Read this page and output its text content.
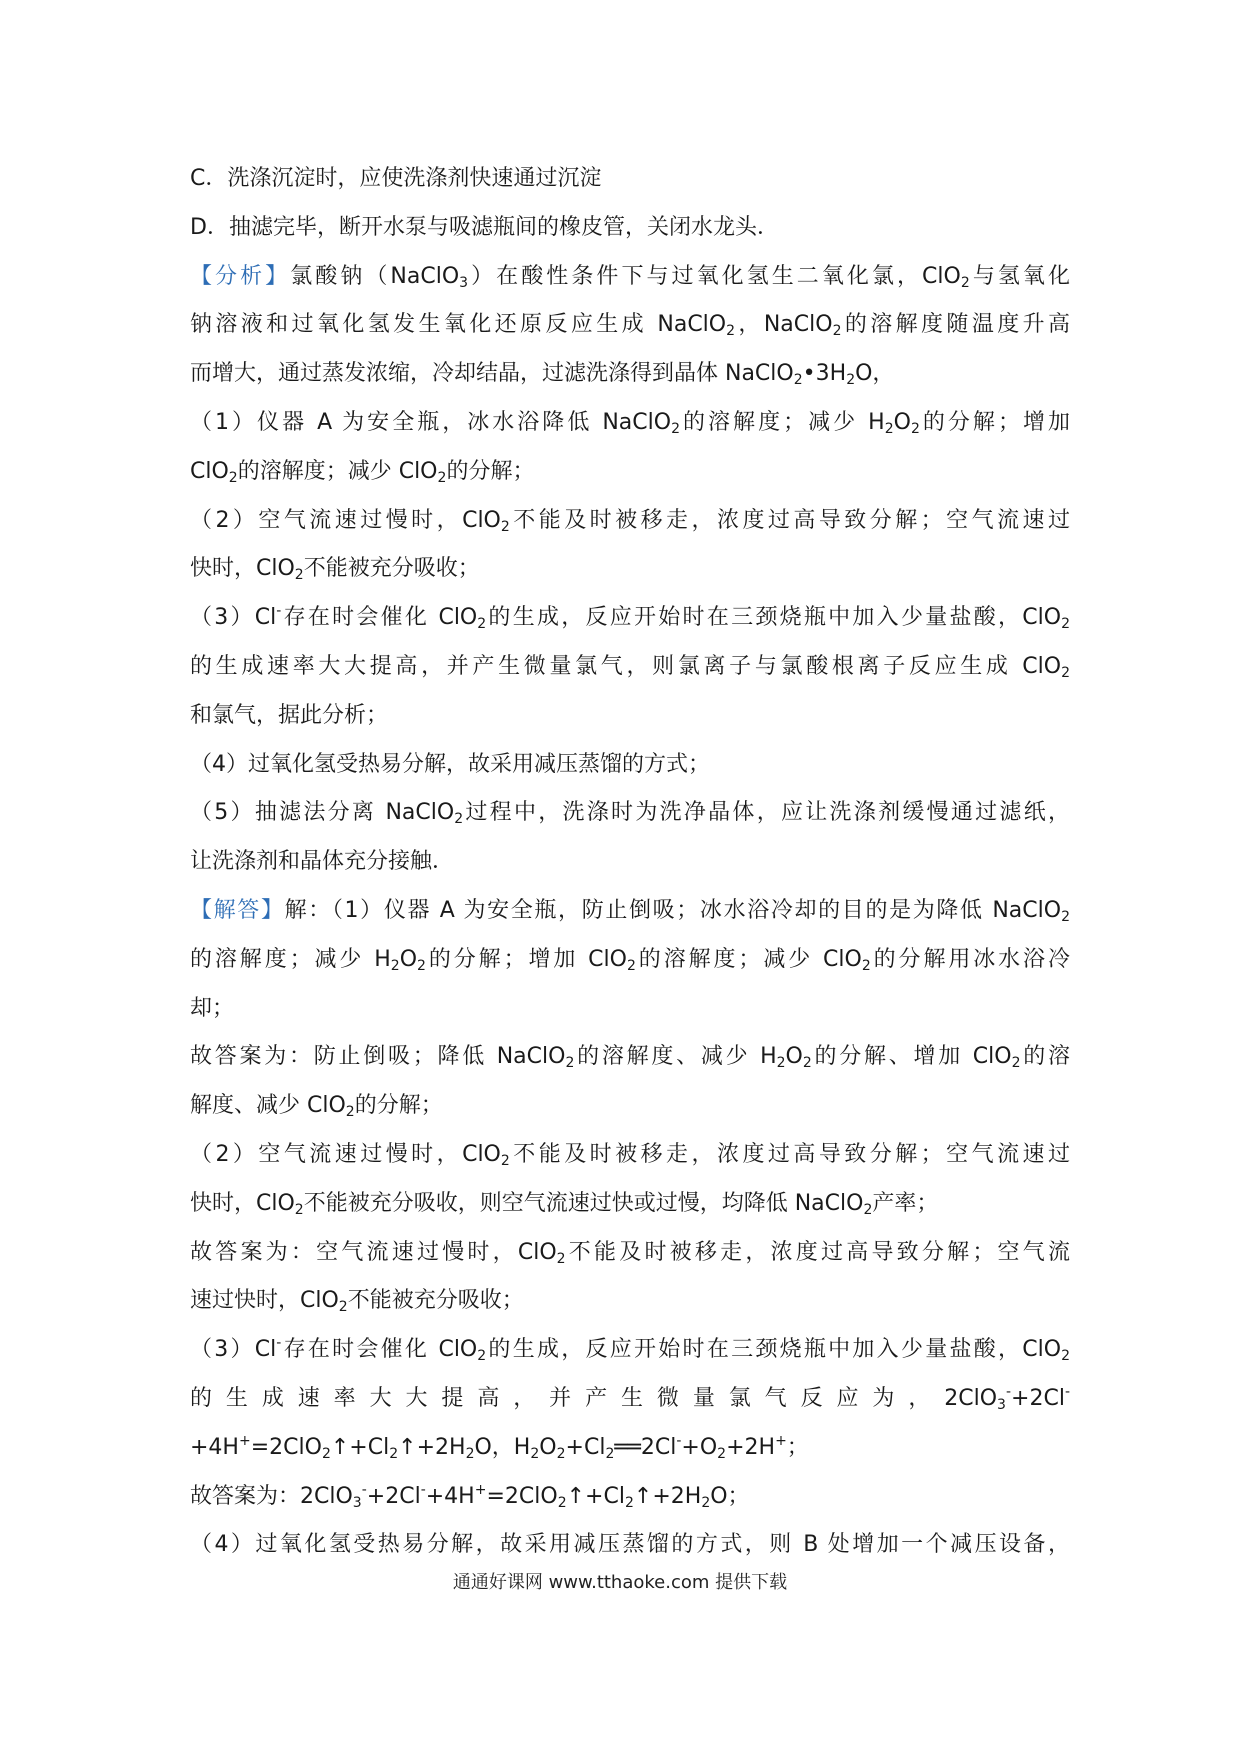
C．洗涤沉淀时，应使洗涤剂快速通过沉淀
D．抽滤完毕，断开水泵与吸滤瓶间的橡皮管，关闭水龙头．
【分析】氯酸钠（NaClO$_3$）在酸性条件下与过氧化氢生二氧化氯，ClO$_2$与氢氧化
钠溶液和过氧化氢发生氧化还原反应生成 NaClO$_2$，NaClO$_2$的溶解度随温度升高
而增大，通过蒸发浓缩，冷却结晶，过滤洗涤得到晶体 $NaClO_2•3H_2O$，
（1）仪器 A 为安全瓶，冰水浴降低 NaClO$_2$的溶解度；减少 $H_2O_2$的分解；增加
ClO$_2$的溶解度；减少 ClO$_2$的分解；
（2）空气流速过慢时，ClO$_2$不能及时被移走，浓度过高导致分解；空气流速过
快时，ClO$_2$不能被充分吸收；
（3）Cl-存在时会催化 ClO$_2$的生成，反应开始时在三颈烧瓶中加入少量盐酸，ClO$_2$
的生成速率大大提高，并产生微量氯气，则氯离子与氯酸根离子反应生成 ClO$_2$
和氯气，据此分析；
（4）过氧化氢受热易分解，故采用减压蒸馏的方式；
（5）抽滤法分离 NaClO$_2$过程中，洗涤时为洗净晶体，应让洗涤剂缓慢通过滤纸，
让洗涤剂和晶体充分接触．
【解答】解：（1）仪器 A 为安全瓶，防止倒吸；冰水浴冷却的目的是为降低 NaClO$_2$
的溶解度；减少 $H_2O_2$的分解；增加 ClO$_2$的溶解度；减少 ClO$_2$的分解用冰水浴冷
却；
故答案为：防止倒吸；降低 NaClO$_2$的溶解度、减少 $H_2O_2$的分解、增加 ClO$_2$的溶
解度、减少 ClO$_2$的分解；
（2）空气流速过慢时，ClO$_2$不能及时被移走，浓度过高导致分解；空气流速过
快时，ClO$_2$不能被充分吸收，则空气流速过快或过慢，均降低 NaClO$_2$产率；
故答案为：空气流速过慢时，ClO$_2$不能及时被移走，浓度过高导致分解；空气流
速过快时，ClO$_2$不能被充分吸收；
（3）Cl-存在时会催化 ClO$_2$的生成，反应开始时在三颈烧瓶中加入少量盐酸，ClO$_2$
的 生 成 速 率 大 大 提 高 ， 并 产 生 微 量 氯 气 反 应 为 ， 2ClO$_3$-+2Cl-
$+4H^+=2ClO_2↑+Cl_2↑+2H_2O$，$H_2O_2+Cl_2══2Cl^-+O_2+2H^+$；
故答案为：$2ClO_3^-+2Cl^-+4H^+=2ClO_2↑+Cl_2↑+2H_2O$；
（4）过氧化氢受热易分解，故采用减压蒸馏的方式，则 B 处增加一个减压设备，
通通好课网 www.tthaoke.com 提供下载
